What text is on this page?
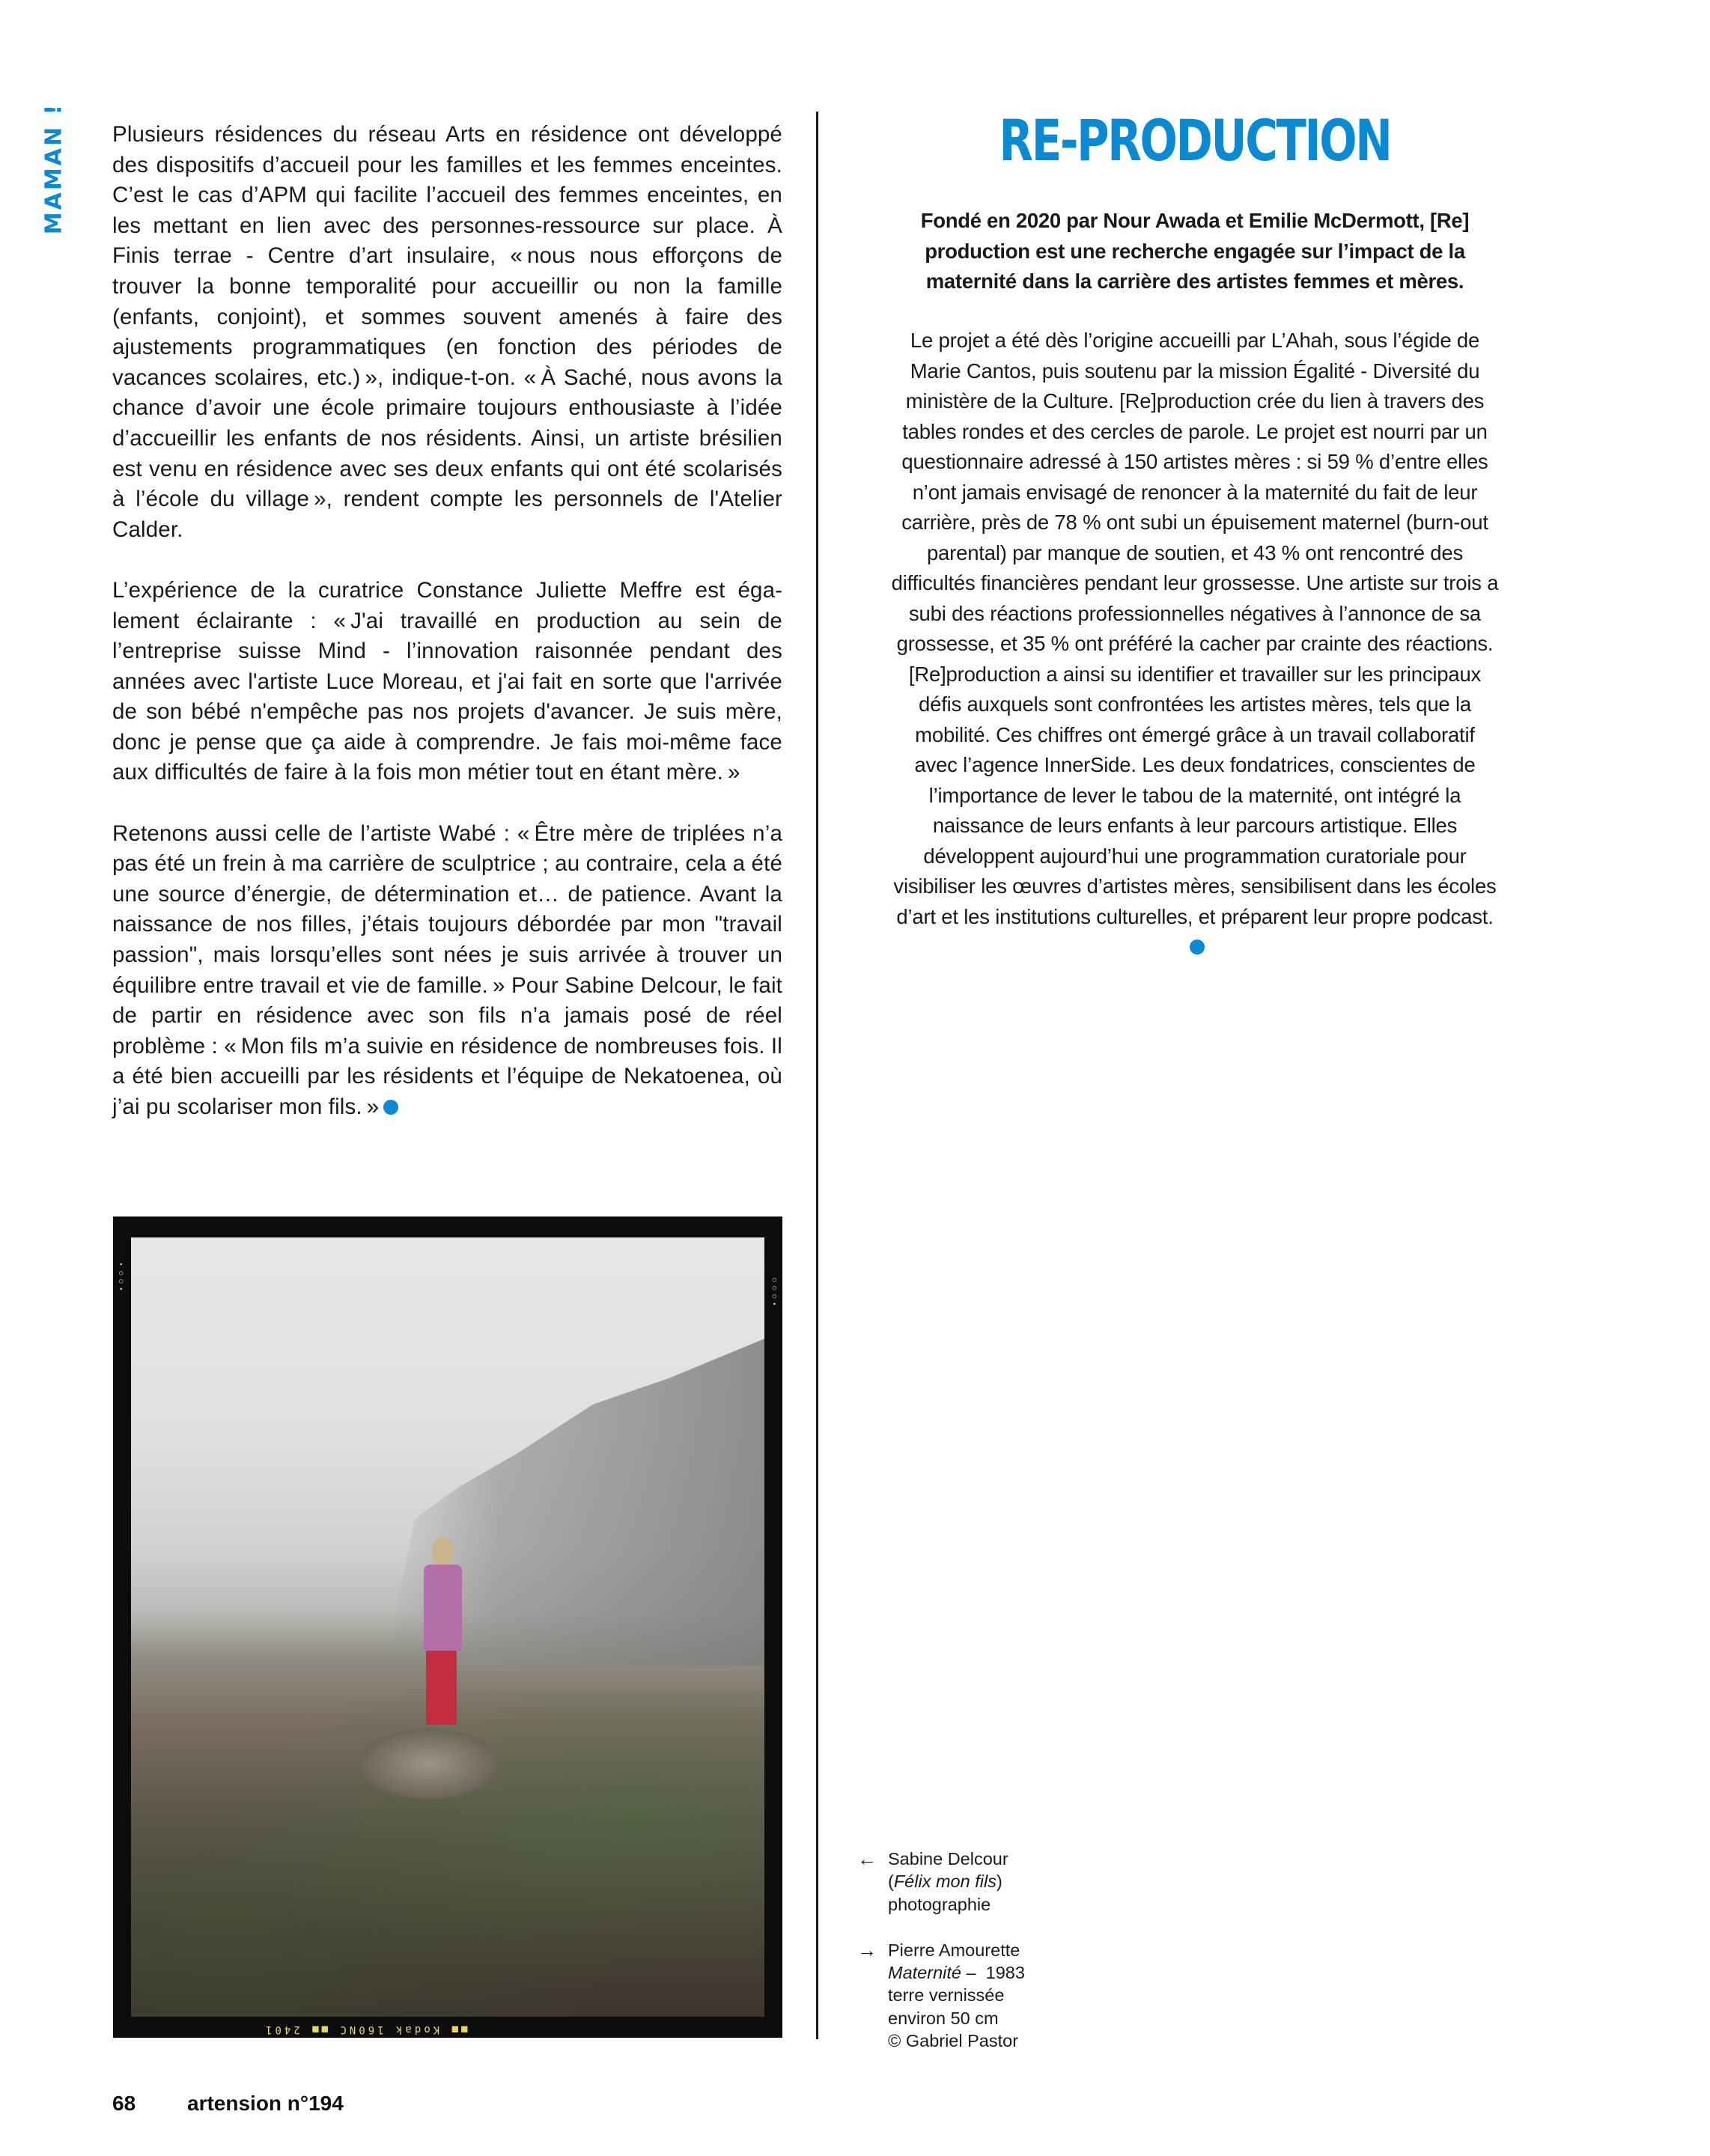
MAMAN ! Plusieurs résidences du réseau Arts en résidence ont développé des dispositifs d’accueil pour les familles et les femmes enceintes. C’est le cas d’APM qui facilite l’accueil des femmes enceintes, en les mettant en lien avec des personnes-ressource sur place. À Finis terrae - Centre d’art insulaire, « nous nous efforçons de trouver la bonne temporalité pour accueillir ou non la famille (enfants, conjoint), et sommes souvent amenés à faire des ajustements programmatiques (en fonction des périodes de vacances scolaires, etc.) », indique-t-on. « À Saché, nous avons la chance d’avoir une école primaire toujours enthousiaste à l’idée d’accueillir les enfants de nos résidents. Ainsi, un artiste brésilien est venu en résidence avec ses deux enfants qui ont été scolarisés à l’école du village », rendent compte les personnels de l'Atelier Calder.

L’expérience de la curatrice Constance Juliette Meffre est également éclairante : « J'ai travaillé en production au sein de l’entreprise suisse Mind - l’innovation raisonnée pendant des années avec l'artiste Luce Moreau, et j'ai fait en sorte que l'arrivée de son bébé n'empêche pas nos projets d'avancer. Je suis mère, donc je pense que ça aide à comprendre. Je fais moi-même face aux difficultés de faire à la fois mon métier tout en étant mère. »

Retenons aussi celle de l’artiste Wabé : « Être mère de triplées n’a pas été un frein à ma carrière de sculptrice ; au contraire, cela a été une source d’énergie, de détermination et… de patience. Avant la naissance de nos filles, j’étais toujours débordée par mon "travail passion", mais lorsqu’elles sont nées je suis arrivée à trouver un équilibre entre travail et vie de famille. » Pour Sabine Delcour, le fait de partir en résidence avec son fils n’a jamais posé de réel problème : « Mon fils m’a suivie en résidence de nombreuses fois. Il a été bien accueilli par les résidents et l’équipe de Nekatoenea, où j’ai pu scolariser mon fils. »

RE-PRODUCTION

Fondé en 2020 par Nour Awada et Emilie McDermott, [Re] production est une recherche engagée sur l’impact de la maternité dans la carrière des artistes femmes et mères.

Le projet a été dès l’origine accueilli par L’Ahah, sous l’égide de Marie Cantos, puis soutenu par la mission Égalité - Diversité du ministère de la Culture. [Re]production crée du lien à travers des tables rondes et des cercles de parole. Le projet est nourri par un questionnaire adressé à 150 artistes mères : si 59 % d’entre elles n’ont jamais envisagé de renoncer à la maternité du fait de leur carrière, près de 78 % ont subi un épuisement maternel (burn-out parental) par manque de soutien, et 43 % ont rencontré des difficultés financières pendant leur grossesse. Une artiste sur trois a subi des réactions professionnelles négatives à l’annonce de sa grossesse, et 35 % ont préféré la cacher par crainte des réactions. [Re]production a ainsi su identifier et travailler sur les principaux défis auxquels sont confrontées les artistes mères, tels que la mobilité. Ces chiffres ont émergé grâce à un travail collaboratif avec l’agence InnerSide. Les deux fondatrices, conscientes de l’importance de lever le tabou de la maternité, ont intégré la naissance de leurs enfants à leur parcours artistique. Elles développent aujourd’hui une programmation curatoriale pour visibiliser les œuvres d’artistes mères, sensibilisent dans les écoles d’art et les institutions culturelles, et préparent leur propre podcast.

•
○
○
•
○
○
○
•
■■ Kodak 160NC ■■ 2401
← Sabine Delcour
(Félix mon fils)
photographie
→ Pierre Amourette
Maternité –  1983
terre vernissée
environ 50 cm
© Gabriel Pastor
68 artension n°194
